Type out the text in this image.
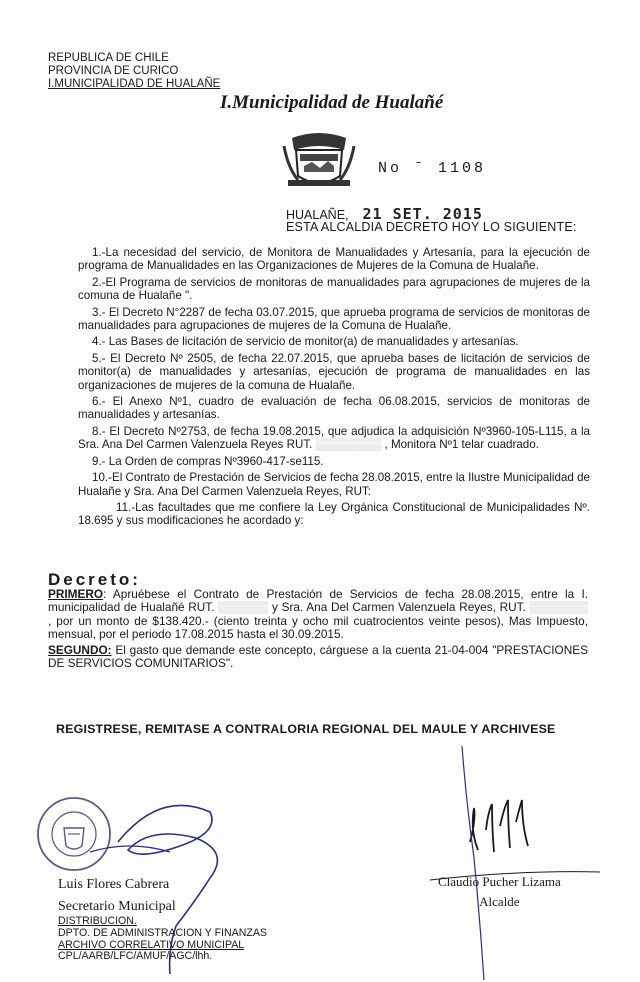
REPUBLICA DE CHILE
PROVINCIA DE CURICO
I.MUNICIPALIDAD DE HUALAÑE
I.Municipalidad de Hualañé
No ˉ 1108
HUALAÑE, 21 SET. 2015
ESTA ALCALDIA DECRETO HOY LO SIGUIENTE:

1.-La necesidad del servicio, de Monitora de Manualidades y Artesanía, para la ejecución de programa de Manualidades en las Organizaciones de Mujeres de la Comuna de Hualañe.

2.-El Programa de servicios de monitoras de manualidades para agrupaciones de mujeres de la comuna de Hualañe ".

3.- El Decreto N°2287 de fecha 03.07.2015, que aprueba programa de servicios de monitoras de manualidades para agrupaciones de mujeres de la Comuna de Hualañe.

4.- Las Bases de licitación de servicio de monitor(a) de manualidades y artesanías.

5.- El Decreto Nº 2505, de fecha 22.07.2015, que aprueba bases de licitación de servicios de monitor(a) de manualidades y artesanías, ejecución de programa de manualidades en las organizaciones de mujeres de la comuna de Hualañe.

6.- El Anexo Nº1, cuadro de evaluación de fecha 06.08.2015, servicios de monitoras de manualidades y artesanías.

8.- El Decreto Nº2753, de fecha 19.08.2015, que adjudica la adquisición Nº3960-105-L115, a la Sra. Ana Del Carmen Valenzuela Reyes RUT. ▒▒▒▒▒▒▒▒ , Monitora Nº1 telar cuadrado.

9.- La Orden de compras Nº3960-417-se115.

10.-El Contrato de Prestación de Servicios de fecha 28.08.2015, entre la Ilustre Municipalidad de Hualañe y Sra. Ana Del Carmen Valenzuela Reyes, RUT:

11.-Las facultades que me confiere la Ley Orgánica Constitucional de Municipalidades Nº. 18.695 y sus modificaciones he acordado y:

Decreto:

PRIMERO: Apruébese el Contrato de Prestación de Servicios de fecha 28.08.2015, entre la I. municipalidad de Hualañé RUT. ▒▒▒▒▒▒ y Sra. Ana Del Carmen Valenzuela Reyes, RUT. ▒▒▒▒▒▒▒ , por un monto de $138.420.- (ciento treinta y ocho mil cuatrocientos veinte pesos), Mas Impuesto, mensual, por el periodo 17.08.2015 hasta el 30.09.2015.

SEGUNDO: El gasto que demande este concepto, cárguese a la cuenta 21-04-004 "PRESTACIONES DE SERVICIOS COMUNITARIOS".

REGISTRESE, REMITASE A CONTRALORIA REGIONAL DEL MAULE Y ARCHIVESE
Luis Flores Cabrera
Secretario Municipal
Claudio Pucher Lizama
Alcalde
DISTRIBUCION.
DPTO. DE ADMINISTRACION Y FINANZAS
ARCHIVO CORRELATIVO MUNICIPAL
CPL/AARB/LFC/AMUF/AGC/lhh.
